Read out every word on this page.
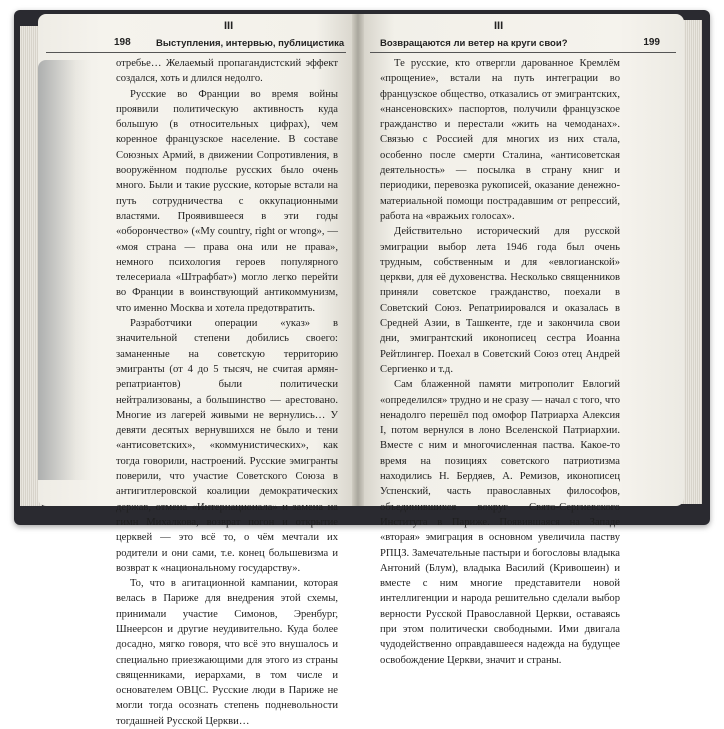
III
198	Выступления, интервью, публицистика

отребье… Желаемый пропагандистский эффект создался, хоть и длился недолго.

Русские во Франции во время войны проявили политическую активность куда большую (в относительных цифрах), чем коренное французское население. В составе Союзных Армий, в движении Сопротивления, в вооружённом подполье русских было очень много. Были и такие русские, которые встали на путь сотрудничества с оккупационными властями. Проявившееся в эти годы «оборончество» («My country, right or wrong», — «моя страна — права она или не права», немного психология героев популярного телесериала «Штрафбат») могло легко перейти во Франции в воинствующий антикоммунизм, что именно Москва и хотела предотвратить.

Разработчики операции «указ» в значительной степени добились своего: заманенные на советскую территорию эмигранты (от 4 до 5 тысяч, не считая армян-репатриантов) были политически нейтрализованы, а большинство — арестовано. Многие из лагерей живыми не вернулись… У девяти десятых вернувшихся не было и тени «антисоветских», «коммунистических», как тогда говорили, настроений. Русские эмигранты поверили, что участие Советского Союза в антигитлеровской коалиции демократических держав, отмена «Интернационала» и замена на гимн Михалкова, возврат погон и открытие церквей — это всё то, о чём мечтали их родители и они сами, т.е. конец большевизма и возврат к «национальному государству».

То, что в агитационной кампании, которая велась в Париже для внедрения этой схемы, принимали участие Симонов, Эренбург, Шнеерсон и другие неудивительно. Куда более досадно, мягко говоря, что всё это внушалось и специально приезжающими для этого из страны священниками, иерархами, в том числе и основателем ОВЦС. Русские люди в Париже не могли тогда осознать степень подневольности тогдашней Русской Церкви…

III
Возвращаются ли ветер на круги свои?	199

Те русские, кто отвергли дарованное Кремлём «прощение», встали на путь интеграции во французское общество, отказались от эмигрантских, «нансеновских» паспортов, получили французское гражданство и перестали «жить на чемоданах». Связью с Россией для многих из них стала, особенно после смерти Сталина, «антисоветская деятельность» — посылка в страну книг и периодики, перевозка рукописей, оказание денежно-материальной помощи пострадавшим от репрессий, работа на «вражьих голосах».

Действительно исторический для русской эмиграции выбор лета 1946 года был очень трудным, собственным и для «евлогианской» церкви, для её духовенства. Несколько священников приняли советское гражданство, поехали в Советский Союз. Репатриировался и оказалась в Средней Азии, в Ташкенте, где и закончила свои дни, эмигрантский иконописец сестра Иоанна Рейтлингер. Поехал в Советский Союз отец Андрей Сергиенко и т.д.

Сам блаженной памяти митрополит Евлогий «определился» трудно и не сразу — начал с того, что ненадолго перешёл под омофор Патриарха Алексия I, потом вернулся в лоно Вселенской Патриархии. Вместе с ним и многочисленная паства. Какое-то время на позициях советского патриотизма находились Н. Бердяев, А. Ремизов, иконописец Успенский, часть православных философов, объединившихся вокруг Свято-Сергиевского Института в Париже. Появившаяся на Западе «вторая» эмиграция в основном увеличила паству РПЦЗ. Замечательные пастыри и богословы владыка Антоний (Блум), владыка Василий (Кривошеин) и вместе с ним многие представители новой интеллигенции и народа решительно сделали выбор верности Русской Православной Церкви, оставаясь при этом политически свободными. Ими двигала чудодейственно оправдавшееся надежда на будущее освобождение Церкви, значит и страны.
